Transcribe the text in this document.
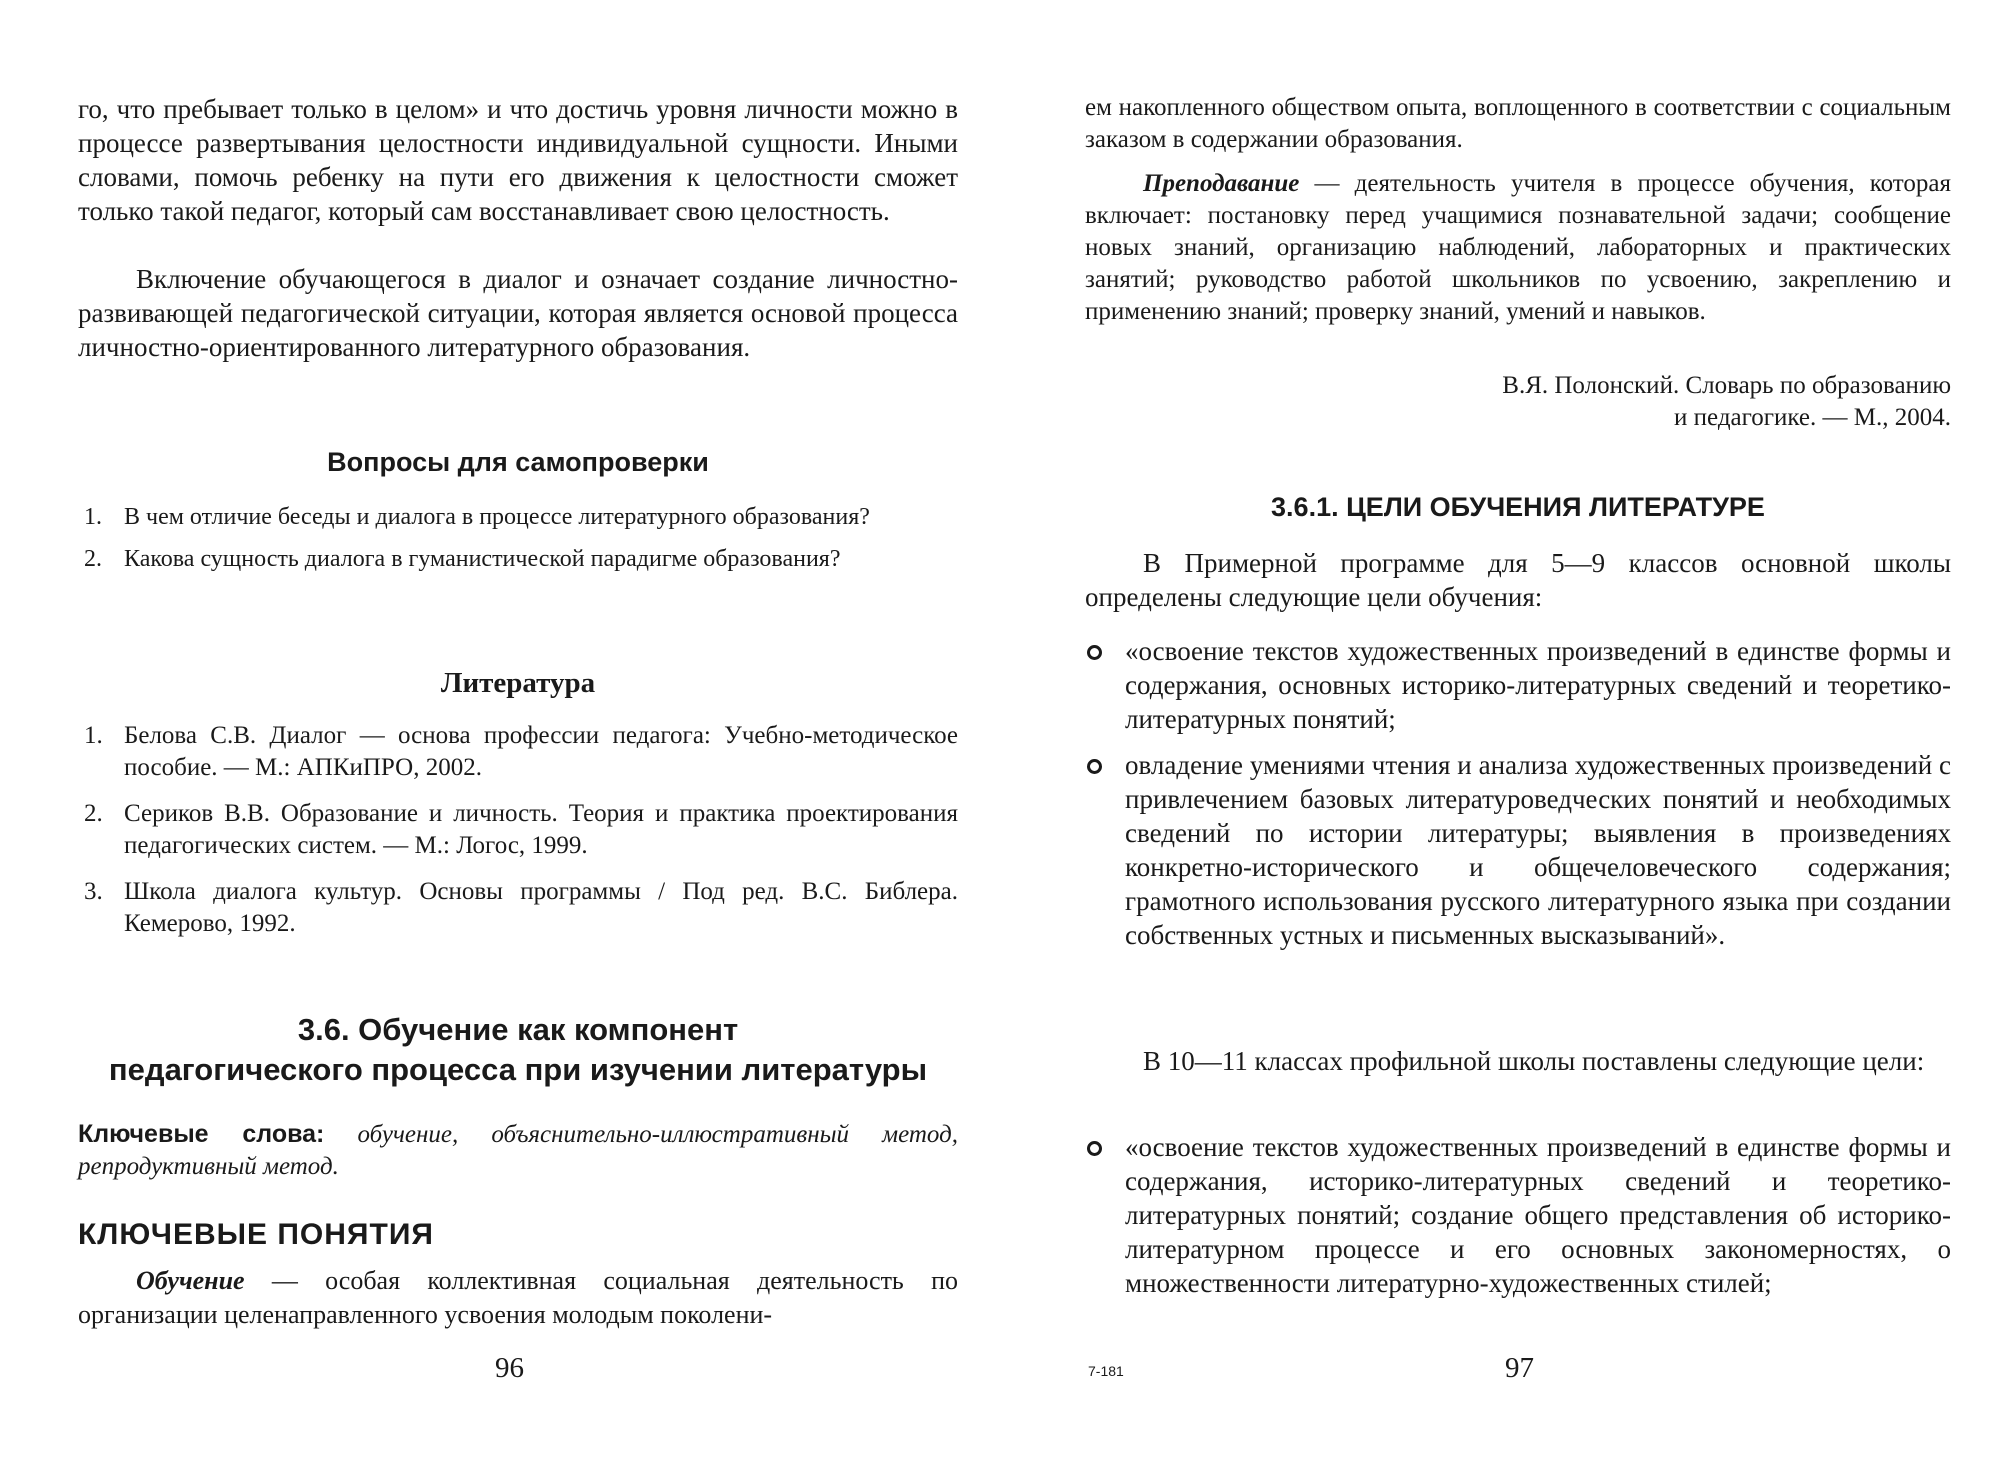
го, что пребывает только в целом» и что достичь уровня личности можно в процессе развертывания целостности индивидуальной сущности. Иными словами, помочь ребенку на пути его движения к целостности сможет только такой педагог, который сам восстанавливает свою целостность.

Включение обучающегося в диалог и означает создание личностно-развивающей педагогической ситуации, которая является основой процесса личностно-ориентированного литературного образования.

Вопросы для самопроверки
1. В чем отличие беседы и диалога в процессе литературного образования?
2. Какова сущность диалога в гуманистической парадигме образования?
Литература
1. Белова С.В. Диалог — основа профессии педагога: Учебно-методическое пособие. — М.: АПКиПРО, 2002.
2. Сериков В.В. Образование и личность. Теория и практика проектирования педагогических систем. — М.: Логос, 1999.
3. Школа диалога культур. Основы программы / Под ред. В.С. Библера. Кемерово, 1992.
3.6. Обучение как компонент
педагогического процесса при изучении литературы

Ключевые слова: обучение, объяснительно-иллюстративный метод, репродуктивный метод.

КЛЮЧЕВЫЕ ПОНЯТИЯ

Обучение — особая коллективная социальная деятельность по организации целенаправленного усвоения молодым поколени-

96

ем накопленного обществом опыта, воплощенного в соответствии с социальным заказом в содержании образования.

Преподавание — деятельность учителя в процессе обучения, которая включает: постановку перед учащимися познавательной задачи; сообщение новых знаний, организацию наблюдений, лабораторных и практических занятий; руководство работой школьников по усвоению, закреплению и применению знаний; проверку знаний, умений и навыков.

В.Я. Полонский. Словарь по образованию

и педагогике. — М., 2004.

3.6.1. ЦЕЛИ ОБУЧЕНИЯ ЛИТЕРАТУРЕ

В Примерной программе для 5—9 классов основной школы определены следующие цели обучения:

«освоение текстов художественных произведений в единстве формы и содержания, основных историко-литературных сведений и теоретико-литературных понятий;
овладение умениями чтения и анализа художественных произведений с привлечением базовых литературоведческих понятий и необходимых сведений по истории литературы; выявления в произведениях конкретно-исторического и общечеловеческого содержания; грамотного использования русского литературного языка при создании собственных устных и письменных высказываний».

В 10—11 классах профильной школы поставлены следующие цели:

«освоение текстов художественных произведений в единстве формы и содержания, историко-литературных сведений и теоретико-литературных понятий; создание общего представления об историко-литературном процессе и его основных закономерностях, о множественности литературно-художественных стилей;
7-181	97
